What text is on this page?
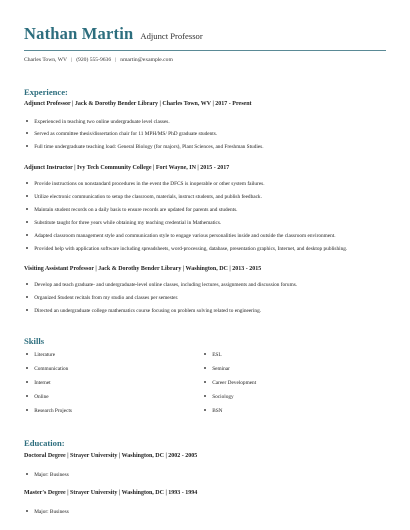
Nathan Martin Adjunct Professor
Charles Town, WV | (920) 555-9636 | nmartin@example.com
Experience:
Adjunct Professor | Jack & Dorothy Bender Library | Charles Town, WV | 2017 - Present
Experienced in teaching two online undergraduate level classes.
Served as committee thesis/dissertation chair for 11 MPH/MS/ PhD graduate students.
Full time undergraduate teaching load: General Biology (for majors), Plant Sciences, and Freshman Studies.
Adjunct Instructor | Ivy Tech Community College | Fort Wayne, IN | 2015 - 2017
Provide instructions on nonstandard procedures in the event the DFCS is inoperable or other system failures.
Utilize electronic communication to setup the classroom, materials, instruct students, and publish feedback.
Maintain student records on a daily basis to ensure records are updated for parents and students.
Substitute taught for three years while obtaining my teaching credential in Mathematics.
Adapted classroom management style and communication style to engage various personalities inside and outside the classroom environment.
Provided help with application software including spreadsheets, word-processing, database, presentation graphics, Internet, and desktop publishing.
Visiting Assistant Professor | Jack & Dorothy Bender Library | Washington, DC | 2013 - 2015
Develop and teach graduate- and undergraduate-level online classes, including lectures, assignments and discussion forums.
Organized Student recitals from my studio and classes per semester.
Directed an undergraduate college mathematics course focusing on problem solving related to engineering.
Skills
Literature
Communication
Internet
Online
Research Projects
ESL
Seminar
Career Development
Sociology
BSN
Education:
Doctoral Degree | Strayer University | Washington, DC | 2002 - 2005
Major: Business
Master's Degree | Strayer University | Washington, DC | 1993 - 1994
Major: Business
